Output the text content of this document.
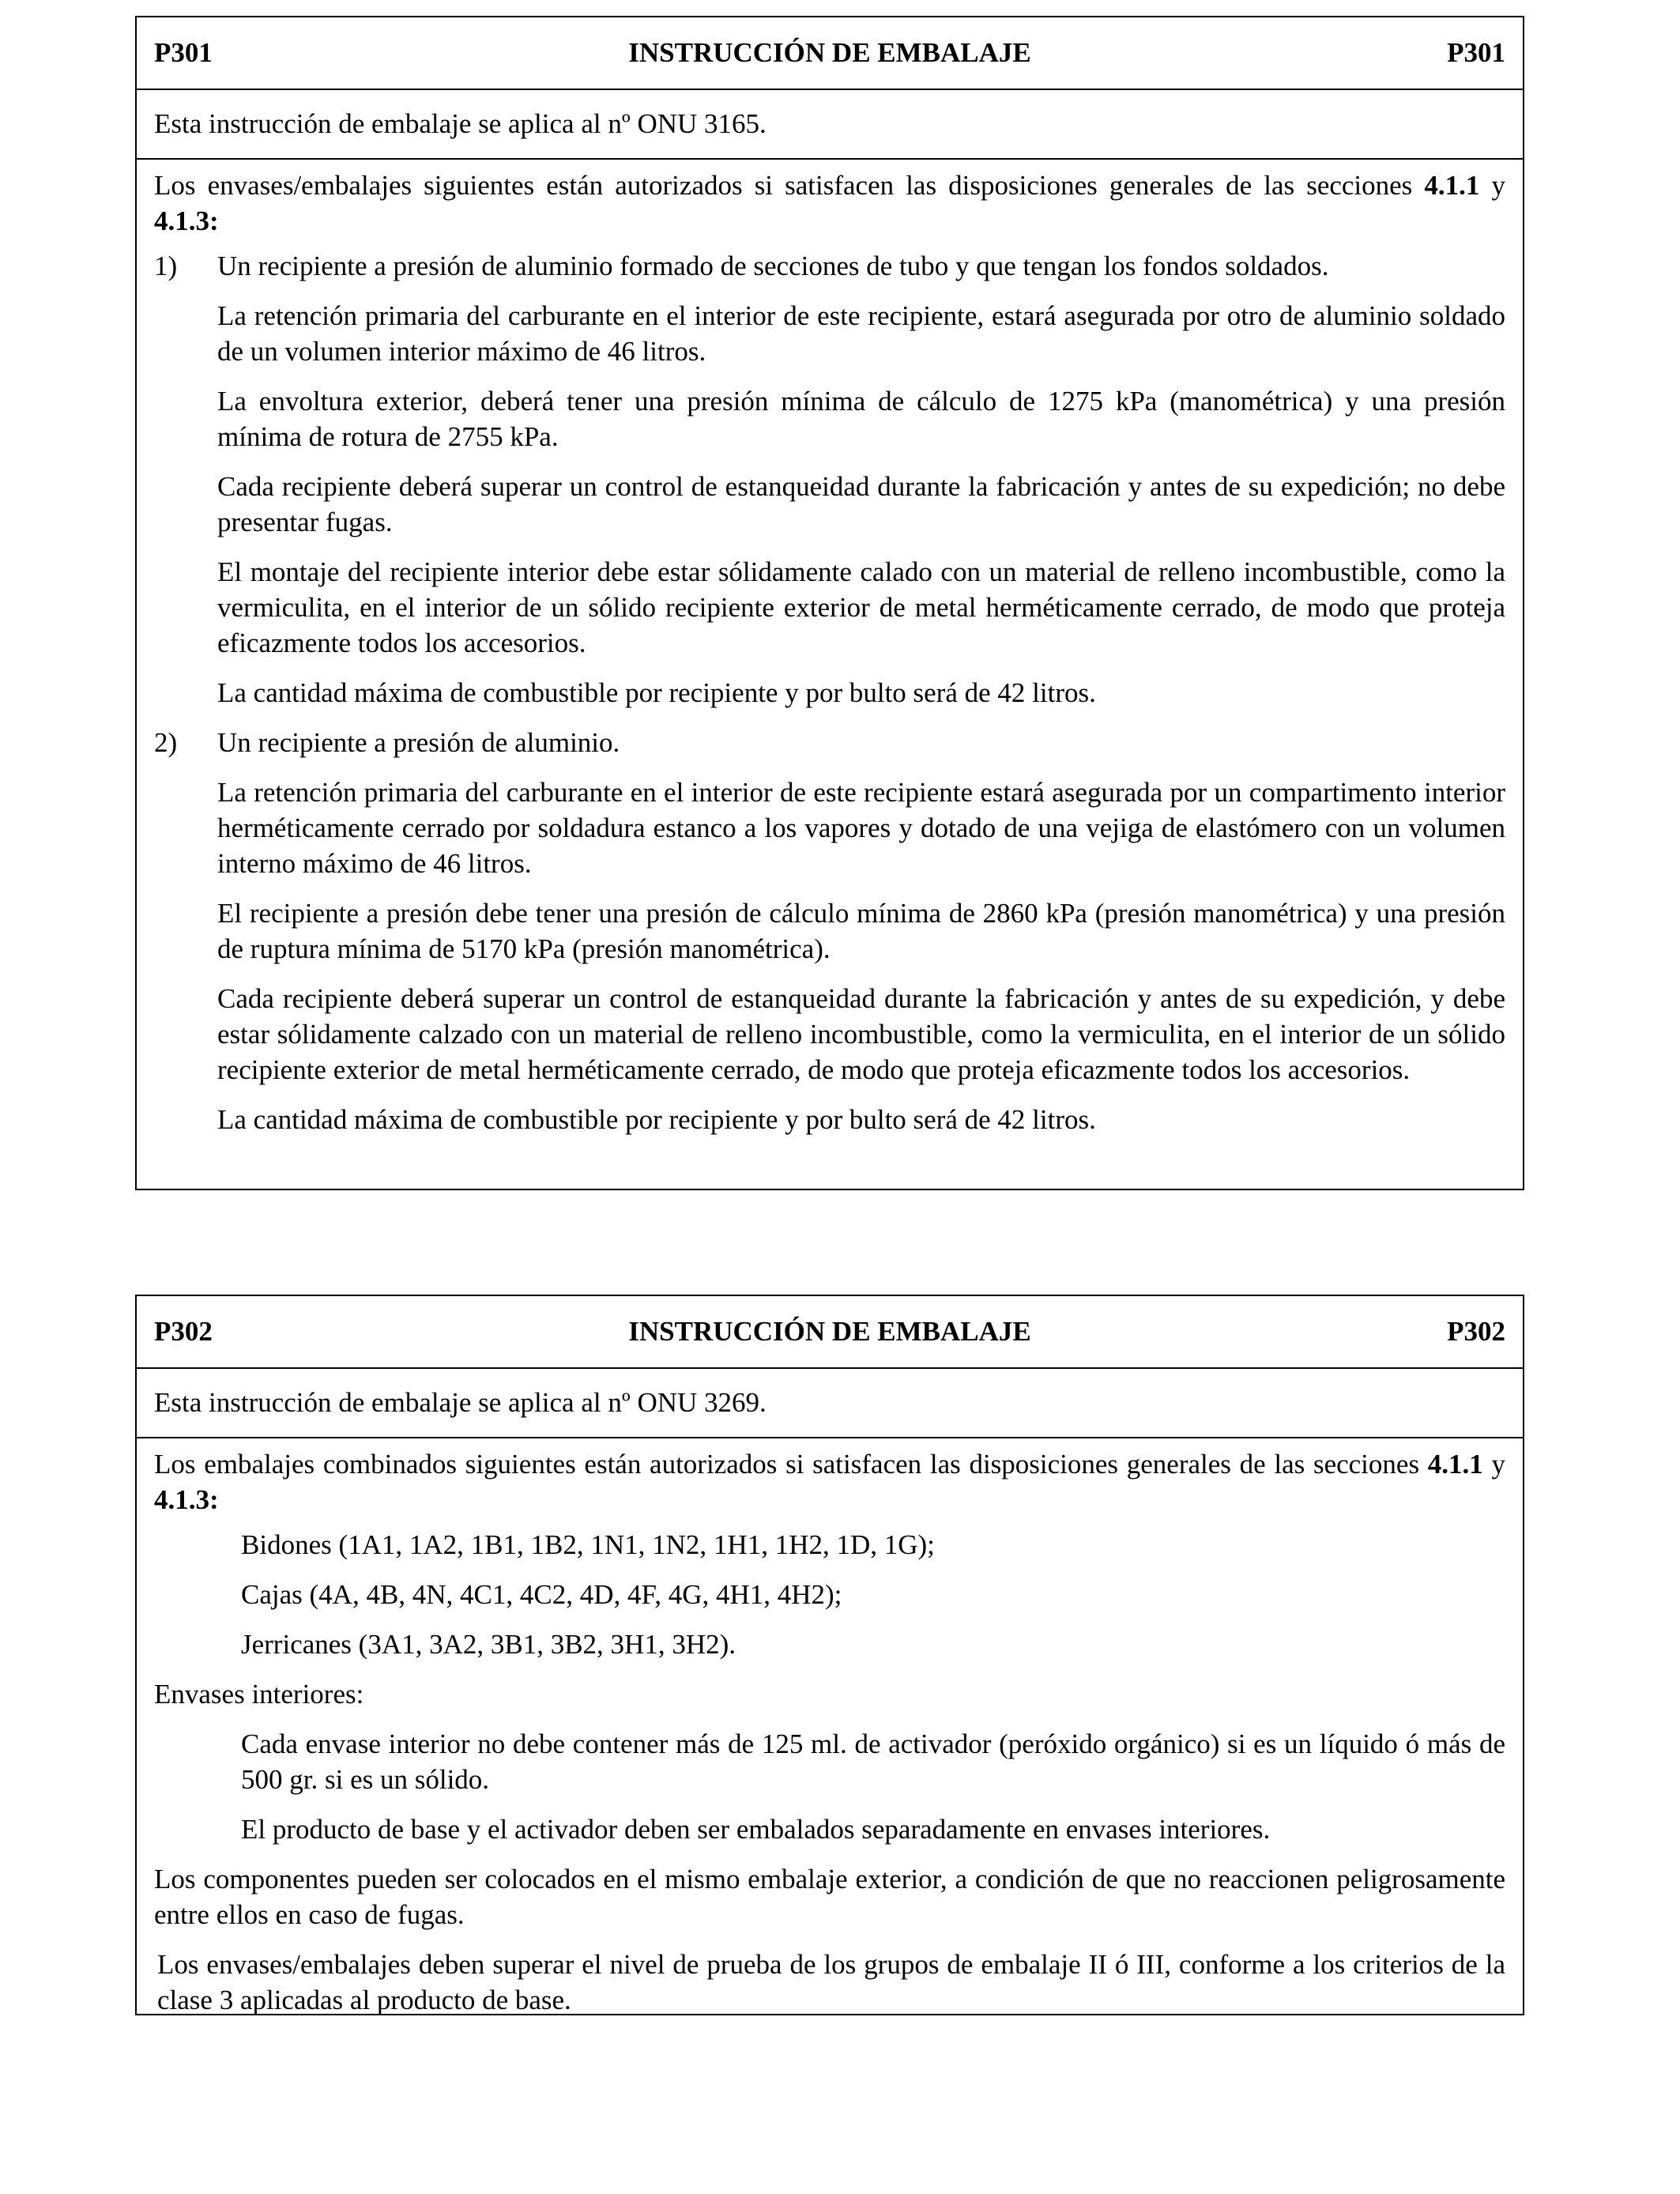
P301	INSTRUCCIÓN DE EMBALAJE	P301
Esta instrucción de embalaje se aplica al nº ONU 3165.

Los envases/embalajes siguientes están autorizados si satisfacen las disposiciones generales de las secciones 4.1.1 y 4.1.3:

1)	Un recipiente a presión de aluminio formado de secciones de tubo y que tengan los fondos soldados.

La retención primaria del carburante en el interior de este recipiente, estará asegurada por otro de aluminio soldado de un volumen interior máximo de 46 litros.

La envoltura exterior, deberá tener una presión mínima de cálculo de 1275 kPa (manométrica) y una presión mínima de rotura de 2755 kPa.

Cada recipiente deberá superar un control de estanqueidad durante la fabricación y antes de su expedición; no debe presentar fugas.

El montaje del recipiente interior debe estar sólidamente calado con un material de relleno incombustible, como la vermiculita, en el interior de un sólido recipiente exterior de metal herméticamente cerrado, de modo que proteja eficazmente todos los accesorios.

La cantidad máxima de combustible por recipiente y por bulto será de 42 litros.

2)	Un recipiente a presión de aluminio.

La retención primaria del carburante en el interior de este recipiente estará asegurada por un compartimento interior herméticamente cerrado por soldadura estanco a los vapores y dotado de una vejiga de elastómero con un volumen interno máximo de 46 litros.

El recipiente a presión debe tener una presión de cálculo mínima de 2860 kPa (presión manométrica) y una presión de ruptura mínima de 5170 kPa (presión manométrica).

Cada recipiente deberá superar un control de estanqueidad durante la fabricación y antes de su expedición, y debe estar sólidamente calzado con un material de relleno incombustible, como la vermiculita, en el interior de un sólido recipiente exterior de metal herméticamente cerrado, de modo que proteja eficazmente todos los accesorios.

La cantidad máxima de combustible por recipiente y por bulto será de 42 litros.

P302	INSTRUCCIÓN DE EMBALAJE	P302
Esta instrucción de embalaje se aplica al nº ONU 3269.

Los embalajes combinados siguientes están autorizados si satisfacen las disposiciones generales de las secciones 4.1.1 y 4.1.3:

Bidones (1A1, 1A2, 1B1, 1B2, 1N1, 1N2, 1H1, 1H2, 1D, 1G);

Cajas (4A, 4B, 4N, 4C1, 4C2, 4D, 4F, 4G, 4H1, 4H2);

Jerricanes (3A1, 3A2, 3B1, 3B2, 3H1, 3H2).

Envases interiores:

Cada envase interior no debe contener más de 125 ml. de activador (peróxido orgánico) si es un líquido ó más de 500 gr. si es un sólido.

El producto de base y el activador deben ser embalados separadamente en envases interiores.

Los componentes pueden ser colocados en el mismo embalaje exterior, a condición de que no reaccionen peligrosamente entre ellos en caso de fugas.

Los envases/embalajes deben superar el nivel de prueba de los grupos de embalaje II ó III, conforme a los criterios de la clase 3 aplicadas al producto de base.
